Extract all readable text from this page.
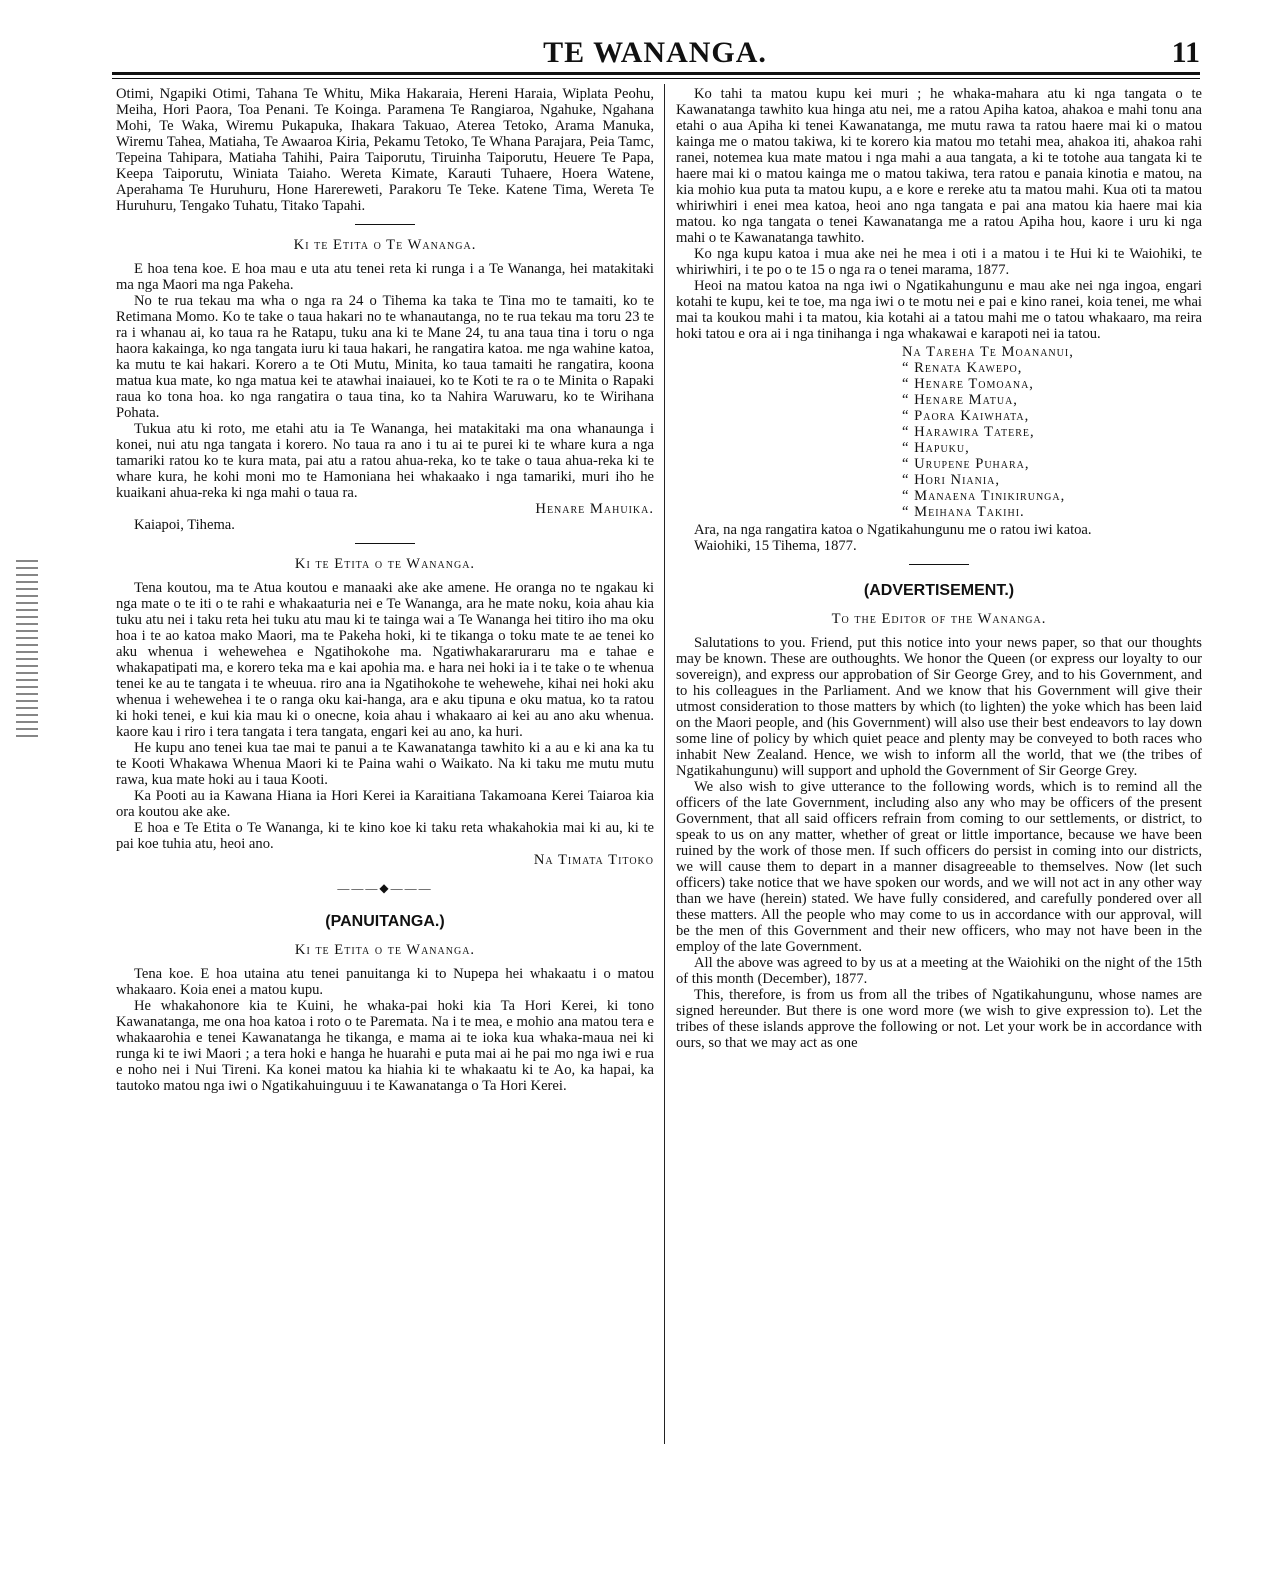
TE WANANGA.	11

Otimi, Ngapiki Otimi, Tahana Te Whitu, Mika Hakaraia, Hereni Haraia, Wiplata Peohu, Meiha, Hori Paora, Toa Penani. Te Koinga. Paramena Te Rangiaroa, Ngahuke, Ngahana Mohi, Te Waka, Wiremu Pukapuka, Ihakara Takuao, Aterea Tetoko, Arama Manuka, Wiremu Tahea, Matiaha, Te Awaaroa Kiria, Pekamu Tetoko, Te Whana Parajara, Peia Tamc, Tepeina Tahipara, Matiaha Tahihi, Paira Taiporutu, Tiruinha Taiporutu, Heuere Te Papa, Keepa Taiporutu, Winiata Taiaho. Wereta Kimate, Karauti Tuhaere, Hoera Watene, Aperahama Te Huruhuru, Hone Harereweti, Parakoru Te Teke. Katene Tima, Wereta Te Huruhuru, Tengako Tuhatu, Titako Tapahi.

Ki te Etita o Te Wananga.

E hoa tena koe. E hoa mau e uta atu tenei reta ki runga i a Te Wananga, hei matakitaki ma nga Maori ma nga Pakeha.

No te rua tekau ma wha o nga ra 24 o Tihema ka taka te Tina mo te tamaiti, ko te Retimana Momo. Ko te take o taua hakari no te whanautanga, no te rua tekau ma toru 23 te ra i whanau ai, ko taua ra he Ratapu, tuku ana ki te Mane 24, tu ana taua tina i toru o nga haora kakainga, ko nga tangata iuru ki taua hakari, he rangatira katoa. me nga wahine katoa, ka mutu te kai hakari. Korero a te Oti Mutu, Minita, ko taua tamaiti he rangatira, koona matua kua mate, ko nga matua kei te atawhai inaiauei, ko te Koti te ra o te Minita o Rapaki raua ko tona hoa. ko nga rangatira o taua tina, ko ta Nahira Waruwaru, ko te Wirihana Pohata.

Tukua atu ki roto, me etahi atu ia Te Wananga, hei matakitaki ma ona whanaunga i konei, nui atu nga tangata i korero. No taua ra ano i tu ai te purei ki te whare kura a nga tamariki ratou ko te kura mata, pai atu a ratou ahua-reka, ko te take o taua ahua-reka ki te whare kura, he kohi moni mo te Hamoniana hei whakaako i nga tamariki, muri iho he kuaikani ahua-reka ki nga mahi o taua ra.

Henare Mahuika.

Kaiapoi, Tihema.

Ki te Etita o te Wananga.

Tena koutou, ma te Atua koutou e manaaki ake ake amene. He oranga no te ngakau ki nga mate o te iti o te rahi e whakaaturia nei e Te Wananga, ara he mate noku, koia ahau kia tuku atu nei i taku reta hei tuku atu mau ki te tainga wai a Te Wananga hei titiro iho ma oku hoa i te ao katoa mako Maori, ma te Pakeha hoki, ki te tikanga o toku mate te ae tenei ko aku whenua i wehewehea e Ngatihokohe ma. Ngatiwhakararuraru ma e tahae e whakapatipati ma, e korero teka ma e kai apohia ma. e hara nei hoki ia i te take o te whenua tenei ke au te tangata i te wheuua. riro ana ia Ngatihokohe te wehewehe, kihai nei hoki aku whenua i wehewehea i te o ranga oku kai-hanga, ara e aku tipuna e oku matua, ko ta ratou ki hoki tenei, e kui kia mau ki o onecne, koia ahau i whakaaro ai kei au ano aku whenua. kaore kau i riro i tera tangata i tera tangata, engari kei au ano, ka huri.

He kupu ano tenei kua tae mai te panui a te Kawanatanga tawhito ki a au e ki ana ka tu te Kooti Whakawa Whenua Maori ki te Paina wahi o Waikato. Na ki taku me mutu mutu rawa, kua mate hoki au i taua Kooti.

Ka Pooti au ia Kawana Hiana ia Hori Kerei ia Karaitiana Takamoana Kerei Taiaroa kia ora koutou ake ake.

E hoa e Te Etita o Te Wananga, ki te kino koe ki taku reta whakahokia mai ki au, ki te pai koe tuhia atu, heoi ano.

Na Timata Titoko
———◆———
(PANUITANGA.)
Ki te Etita o te Wananga.

Tena koe. E hoa utaina atu tenei panuitanga ki to Nupepa hei whakaatu i o matou whakaaro. Koia enei a matou kupu.

He whakahonore kia te Kuini, he whaka-pai hoki kia Ta Hori Kerei, ki tono Kawanatanga, me ona hoa katoa i roto o te Paremata. Na i te mea, e mohio ana matou tera e whakaarohia e tenei Kawanatanga he tikanga, e mama ai te ioka kua whaka-maua nei ki runga ki te iwi Maori ; a tera hoki e hanga he huarahi e puta mai ai he pai mo nga iwi e rua e noho nei i Nui Tireni. Ka konei matou ka hiahia ki te whakaatu ki te Ao, ka hapai, ka tautoko matou nga iwi o Ngatikahuinguuu i te Kawanatanga o Ta Hori Kerei.

Ko tahi ta matou kupu kei muri ; he whaka-mahara atu ki nga tangata o te Kawanatanga tawhito kua hinga atu nei, me a ratou Apiha katoa, ahakoa e mahi tonu ana etahi o aua Apiha ki tenei Kawanatanga, me mutu rawa ta ratou haere mai ki o matou kainga me o matou takiwa, ki te korero kia matou mo tetahi mea, ahakoa iti, ahakoa rahi ranei, notemea kua mate matou i nga mahi a aua tangata, a ki te totohe aua tangata ki te haere mai ki o matou kainga me o matou takiwa, tera ratou e panaia kinotia e matou, na kia mohio kua puta ta matou kupu, a e kore e rereke atu ta matou mahi. Kua oti ta matou whiriwhiri i enei mea katoa, heoi ano nga tangata e pai ana matou kia haere mai kia matou. ko nga tangata o tenei Kawanatanga me a ratou Apiha hou, kaore i uru ki nga mahi o te Kawanatanga tawhito.

Ko nga kupu katoa i mua ake nei he mea i oti i a matou i te Hui ki te Waiohiki, te whiriwhiri, i te po o te 15 o nga ra o tenei marama, 1877.

Heoi na matou katoa na nga iwi o Ngatikahungunu e mau ake nei nga ingoa, engari kotahi te kupu, kei te toe, ma nga iwi o te motu nei e pai e kino ranei, koia tenei, me whai mai ta koukou mahi i ta matou, kia kotahi ai a tatou mahi me o tatou whakaaro, ma reira hoki tatou e ora ai i nga tinihanga i nga whakawai e karapoti nei ia tatou.

Na Tareha Te Moananui,
“ Renata Kawepo,
“ Henare Tomoana,
“ Henare Matua,
“ Paora Kaiwhata,
“ Harawira Tatere,
“ Hapuku,
“ Urupene Puhara,
“ Hori Niania,
“ Manaena Tinikirunga,
“ Meihana Takihi.

Ara, na nga rangatira katoa o Ngatikahungunu me o ratou iwi katoa.

Waiohiki, 15 Tihema, 1877.

(ADVERTISEMENT.)
To the Editor of the Wananga.

Salutations to you. Friend, put this notice into your news paper, so that our thoughts may be known. These are outhoughts. We honor the Queen (or express our loyalty to our sovereign), and express our approbation of Sir George Grey, and to his Government, and to his colleagues in the Parliament. And we know that his Government will give their utmost consideration to those matters by which (to lighten) the yoke which has been laid on the Maori people, and (his Government) will also use their best endeavors to lay down some line of policy by which quiet peace and plenty may be conveyed to both races who inhabit New Zealand. Hence, we wish to inform all the world, that we (the tribes of Ngatikahungunu) will support and uphold the Government of Sir George Grey.

We also wish to give utterance to the following words, which is to remind all the officers of the late Government, including also any who may be officers of the present Government, that all said officers refrain from coming to our settlements, or district, to speak to us on any matter, whether of great or little importance, because we have been ruined by the work of those men. If such officers do persist in coming into our districts, we will cause them to depart in a manner disagreeable to themselves. Now (let such officers) take notice that we have spoken our words, and we will not act in any other way than we have (herein) stated. We have fully considered, and carefully pondered over all these matters. All the people who may come to us in accordance with our approval, will be the men of this Government and their new officers, who may not have been in the employ of the late Government.

All the above was agreed to by us at a meeting at the Waiohiki on the night of the 15th of this month (December), 1877.

This, therefore, is from us from all the tribes of Ngatikahungunu, whose names are signed hereunder. But there is one word more (we wish to give expression to). Let the tribes of these islands approve the following or not. Let your work be in accordance with ours, so that we may act as one
